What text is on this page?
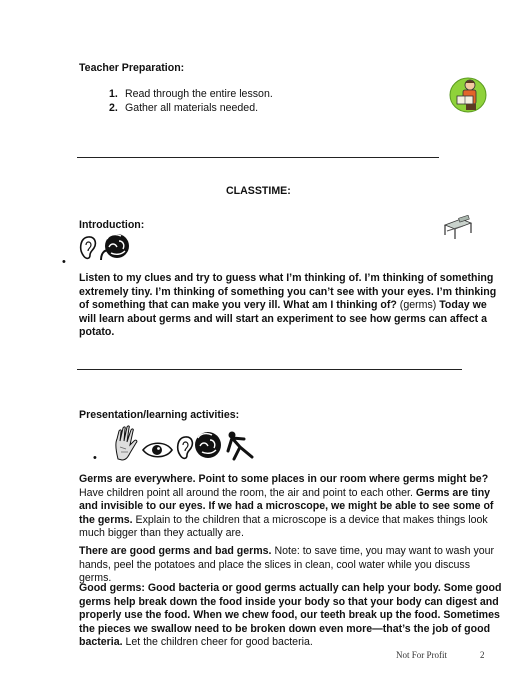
Teacher Preparation:
1. Read through the entire lesson.
2. Gather all materials needed.
CLASSTIME:
Introduction:
•
Listen to my clues and try to guess what I’m thinking of. I’m thinking of something extremely tiny. I’m thinking of something you can’t see with your eyes. I’m thinking of something that can make you very ill. What am I thinking of? (germs) Today we will learn about germs and will start an experiment to see how germs can affect a potato.
Presentation/learning activities:
•
Germs are everywhere. Point to some places in our room where germs might be? Have children point all around the room, the air and point to each other. Germs are tiny and invisible to our eyes. If we had a microscope, we might be able to see some of the germs. Explain to the children that a microscope is a device that makes things look much bigger than they actually are.
There are good germs and bad germs. Note: to save time, you may want to wash your hands, peel the potatoes and place the slices in clean, cool water while you discuss germs.
Good germs: Good bacteria or good germs actually can help your body. Some good germs help break down the food inside your body so that your body can digest and properly use the food. When we chew food, our teeth break up the food. Sometimes the pieces we swallow need to be broken down even more—that’s the job of good bacteria. Let the children cheer for good bacteria.
Not For Profit	2
